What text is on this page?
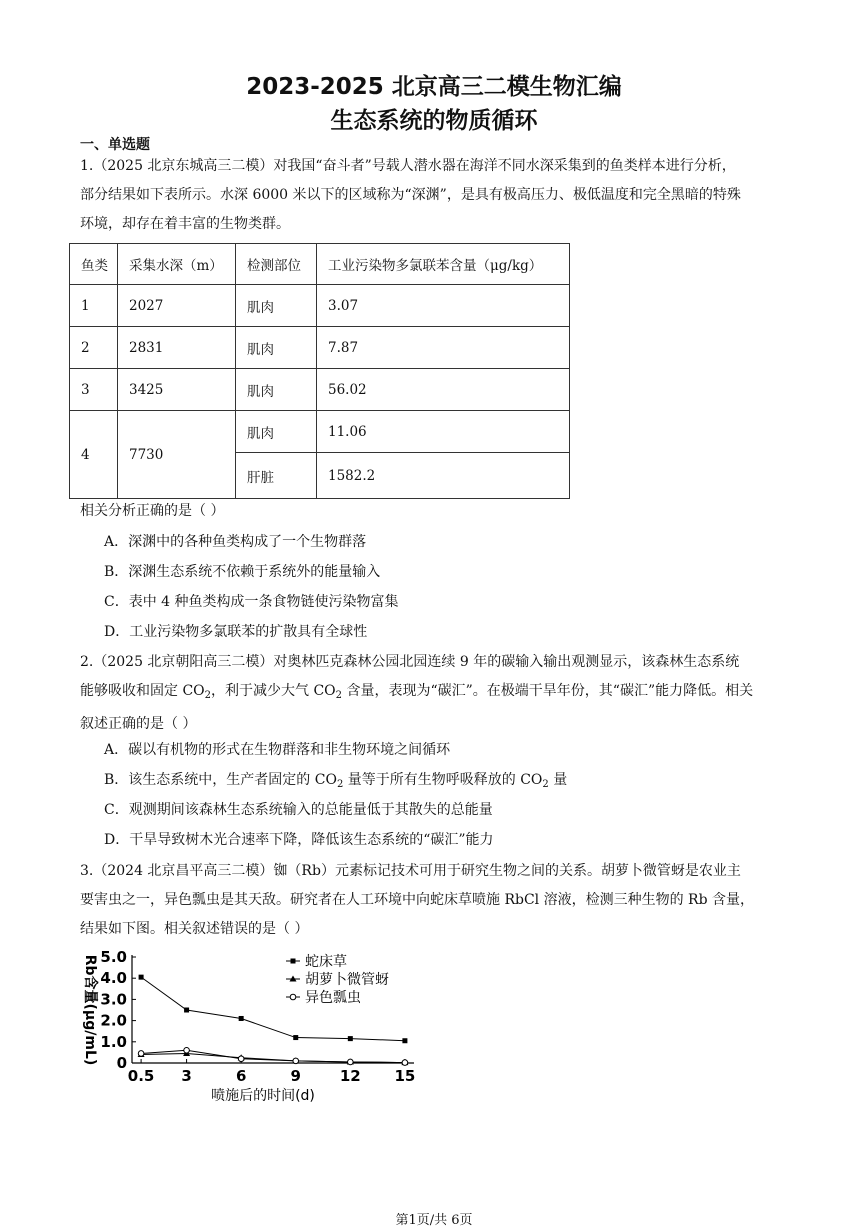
2023-2025 北京高三二模生物汇编
生态系统的物质循环
一、单选题
1.（2025 北京东城高三二模）对我国“奋斗者”号载人潜水器在海洋不同水深采集到的鱼类样本进行分析，
部分结果如下表所示。水深 6000 米以下的区域称为“深渊”，是具有极高压力、极低温度和完全黑暗的特殊
环境，却存在着丰富的生物类群。
鱼类	采集水深（m）	检测部位	工业污染物多氯联苯含量（μg/kg）
1	2027	肌肉	3.07
2	2831	肌肉	7.87
3	3425	肌肉	56.02
4	7730	肌肉	11.06
		肝脏	1582.2
相关分析正确的是（ ）
A．深渊中的各种鱼类构成了一个生物群落
B．深渊生态系统不依赖于系统外的能量输入
C．表中 4 种鱼类构成一条食物链使污染物富集
D．工业污染物多氯联苯的扩散具有全球性
2.（2025 北京朝阳高三二模）对奥林匹克森林公园北园连续 9 年的碳输入输出观测显示，该森林生态系统
能够吸收和固定 $CO_2$，利于减少大气 $CO_2$ 含量，表现为“碳汇”。在极端干旱年份，其“碳汇”能力降低。相关
叙述正确的是（ ）
A．碳以有机物的形式在生物群落和非生物环境之间循环
B．该生态系统中，生产者固定的 $CO_2$ 量等于所有生物呼吸释放的 $CO_2$ 量
C．观测期间该森林生态系统输入的总能量低于其散失的总能量
D．干旱导致树木光合速率下降，降低该生态系统的“碳汇”能力
3.（2024 北京昌平高三二模）铷（Rb）元素标记技术可用于研究生物之间的关系。胡萝卜微管蚜是农业主
要害虫之一，异色瓢虫是其天敌。研究者在人工环境中向蛇床草喷施 RbCl 溶液，检测三种生物的 Rb 含量，
结果如下图。相关叙述错误的是（ ）
0
1.0
2.0
3.0
4.0
5.0
0.5 3	6	9	12 15
喷施后的时间(d)
Rb含量(μg/mL)	蛇床草
胡萝卜微管蚜
异色瓢虫
第1页/共 6页
